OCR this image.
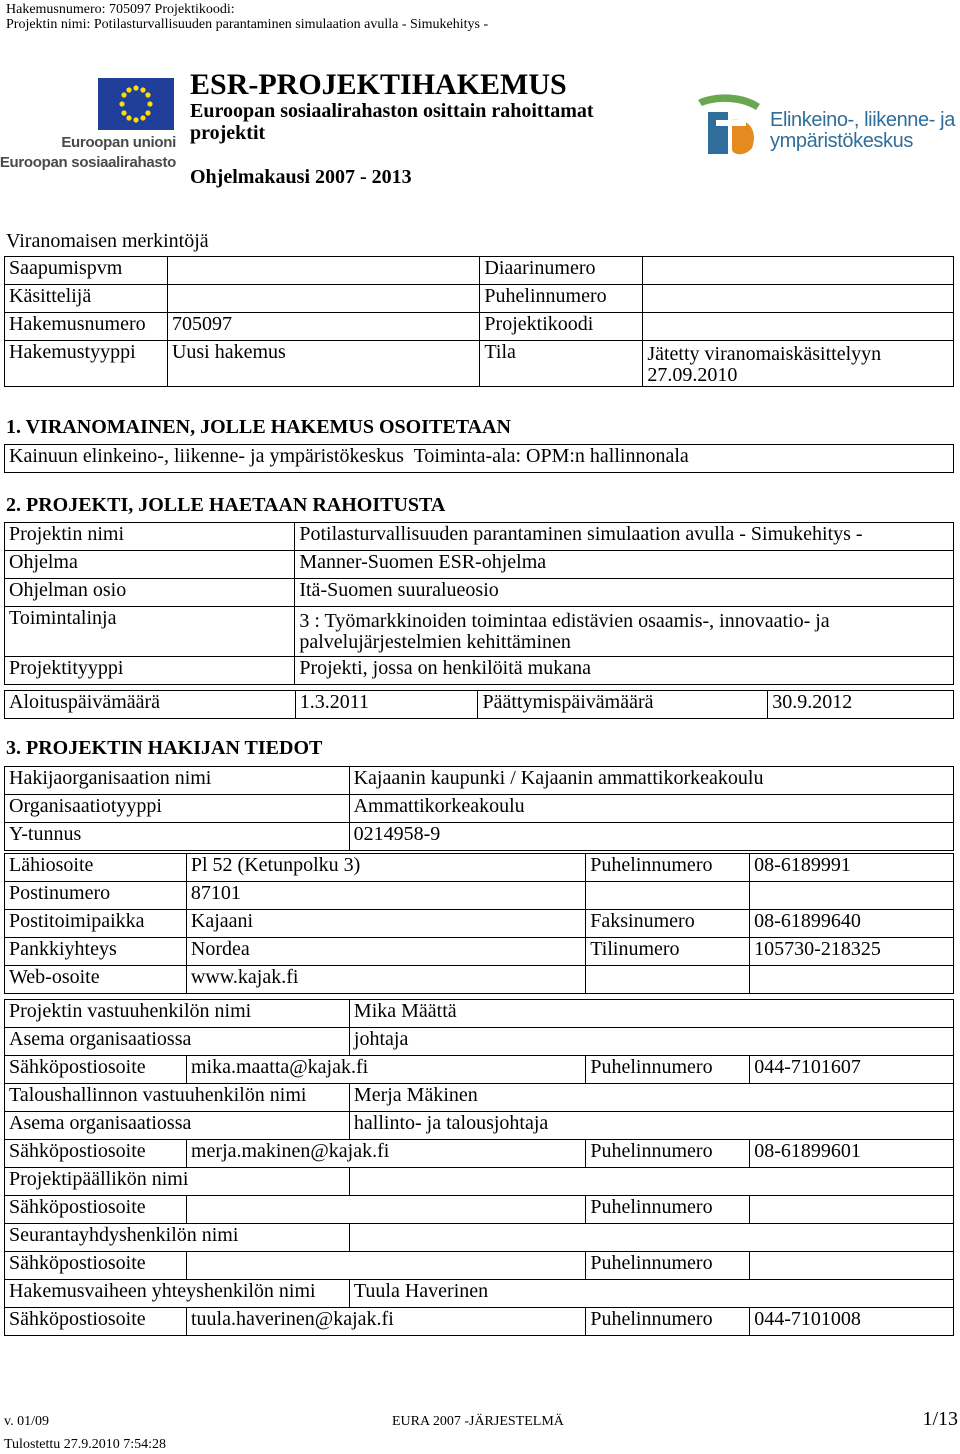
Hakemusnumero: 705097 Projektikoodi:
Projektin nimi: Potilasturvallisuuden parantaminen simulaation avulla - Simukehitys -
Euroopan unioni
Euroopan sosiaalirahasto
ESR-PROJEKTIHAKEMUS
Euroopan sosiaalirahaston osittain rahoittamat projektit
Ohjelmakausi 2007 - 2013
Elinkeino-, liikenne- ja
ympäristökeskus
Viranomaisen merkintöjä
Saapumispvm		Diaarinumero	
Käsittelijä		Puhelinnumero	
Hakemusnumero	705097	Projektikoodi	
Hakemustyyppi	Uusi hakemus	Tila	Jätetty viranomaiskäsittelyyn 27.09.2010
1. VIRANOMAINEN, JOLLE HAKEMUS OSOITETAAN
Kainuun elinkeino-, liikenne- ja ympäristökeskus Toiminta-ala: OPM:n hallinnonala
2. PROJEKTI, JOLLE HAETAAN RAHOITUSTA
Projektin nimi	Potilasturvallisuuden parantaminen simulaation avulla - Simukehitys -
Ohjelma	Manner-Suomen ESR-ohjelma
Ohjelman osio	Itä-Suomen suuralueosio
Toimintalinja	3 : Työmarkkinoiden toimintaa edistävien osaamis-, innovaatio- ja palvelujärjestelmien kehittäminen
Projektityyppi	Projekti, jossa on henkilöitä mukana
Aloituspäivämäärä	1.3.2011	Päättymispäivämäärä	30.9.2012
3. PROJEKTIN HAKIJAN TIEDOT
Hakijaorganisaation nimi	Kajaanin kaupunki / Kajaanin ammattikorkeakoulu
Organisaatiotyyppi	Ammattikorkeakoulu
Y-tunnus	0214958-9
Lähiosoite	Pl 52 (Ketunpolku 3)	Puhelinnumero	08-6189991
Postinumero	87101		
Postitoimipaikka	Kajaani	Faksinumero	08-61899640
Pankkiyhteys	Nordea	Tilinumero	105730-218325
Web-osoite	www.kajak.fi		
Projektin vastuuhenkilön nimi		Mika Määttä		
Asema organisaatiossa		johtaja		
Sähköpostiosoite	mika.maatta@kajak.fi		Puhelinnumero	044-7101607
Taloushallinnon vastuuhenkilön nimi		Merja Mäkinen		
Asema organisaatiossa		hallinto- ja talousjohtaja		
Sähköpostiosoite	merja.makinen@kajak.fi		Puhelinnumero	08-61899601
Projektipäällikön nimi				
Sähköpostiosoite			Puhelinnumero	
Seurantayhdyshenkilön nimi				
Sähköpostiosoite			Puhelinnumero	
Hakemusvaiheen yhteyshenkilön nimi		Tuula Haverinen		
Sähköpostiosoite	tuula.haverinen@kajak.fi		Puhelinnumero	044-7101008
v. 01/09	EURA 2007 -JÄRJESTELMÄ	1/13
Tulostettu 27.9.2010 7:54:28
